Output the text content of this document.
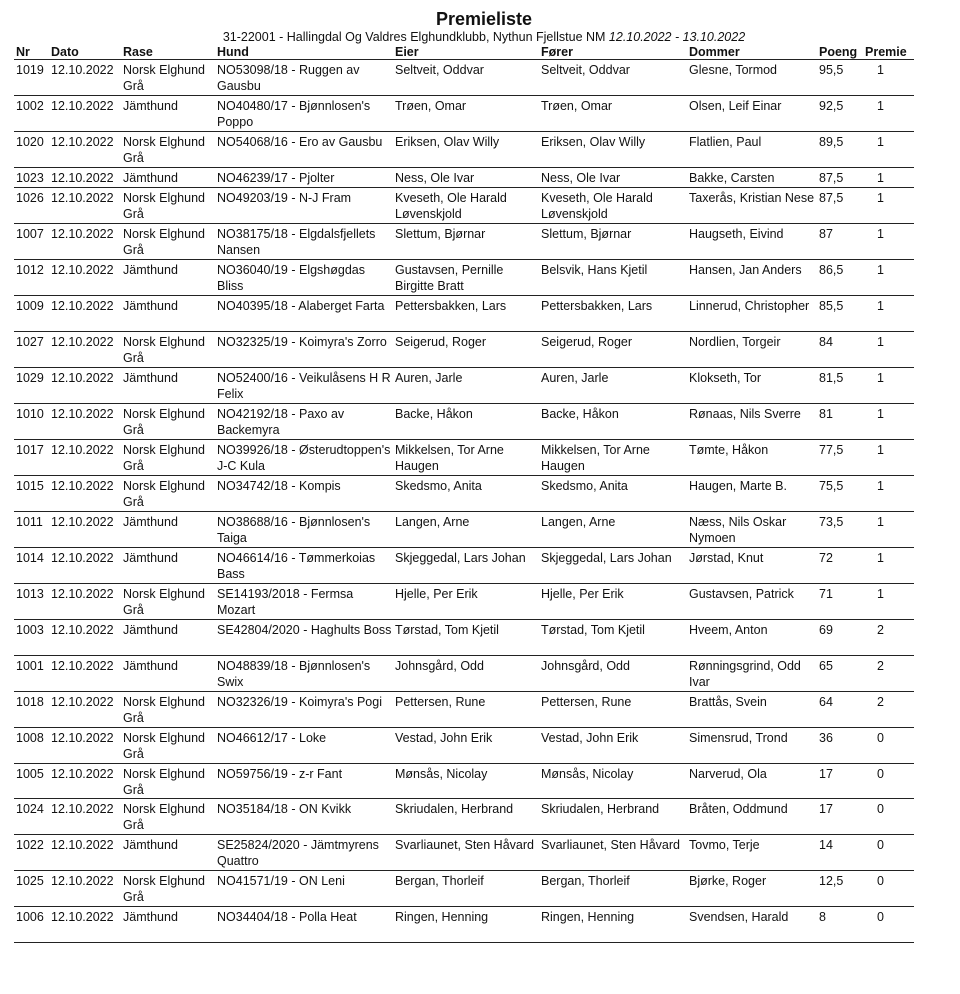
Premieliste
31-22001 - Hallingdal Og Valdres Elghundklubb, Nythun Fjellstue NM 12.10.2022 - 13.10.2022
Nr	Dato	Rase	Hund	Eier	Fører	Dommer	Poeng	Premie
1019	12.10.2022	Norsk Elghund Grå	NO53098/18 - Ruggen av Gausbu	Seltveit, Oddvar	Seltveit, Oddvar	Glesne, Tormod	95,5	1
1002	12.10.2022	Jämthund	NO40480/17 - Bjønnlosen's Poppo	Trøen, Omar	Trøen, Omar	Olsen, Leif Einar	92,5	1
1020	12.10.2022	Norsk Elghund Grå	NO54068/16 - Ero av Gausbu	Eriksen, Olav Willy	Eriksen, Olav Willy	Flatlien, Paul	89,5	1
1023	12.10.2022	Jämthund	NO46239/17 - Pjolter	Ness, Ole Ivar	Ness, Ole Ivar	Bakke, Carsten	87,5	1
1026	12.10.2022	Norsk Elghund Grå	NO49203/19 - N-J Fram	Kveseth, Ole Harald Løvenskjold	Kveseth, Ole Harald Løvenskjold	Taxerås, Kristian Nese	87,5	1
1007	12.10.2022	Norsk Elghund Grå	NO38175/18 - Elgdalsfjellets Nansen	Slettum, Bjørnar	Slettum, Bjørnar	Haugseth, Eivind	87	1
1012	12.10.2022	Jämthund	NO36040/19 - Elgshøgdas Bliss	Gustavsen, Pernille Birgitte Bratt	Belsvik, Hans Kjetil	Hansen, Jan Anders	86,5	1
1009	12.10.2022	Jämthund	NO40395/18 - Alaberget Farta	Pettersbakken, Lars	Pettersbakken, Lars	Linnerud, Christopher	85,5	1
1027	12.10.2022	Norsk Elghund Grå	NO32325/19 - Koimyra's Zorro	Seigerud, Roger	Seigerud, Roger	Nordlien, Torgeir	84	1
1029	12.10.2022	Jämthund	NO52400/16 - Veikulåsens H R Felix	Auren, Jarle	Auren, Jarle	Klokseth, Tor	81,5	1
1010	12.10.2022	Norsk Elghund Grå	NO42192/18 - Paxo av Backemyra	Backe, Håkon	Backe, Håkon	Rønaas, Nils Sverre	81	1
1017	12.10.2022	Norsk Elghund Grå	NO39926/18 - Østerudtoppen's J-C Kula	Mikkelsen, Tor Arne Haugen	Mikkelsen, Tor Arne Haugen	Tømte, Håkon	77,5	1
1015	12.10.2022	Norsk Elghund Grå	NO34742/18 - Kompis	Skedsmo, Anita	Skedsmo, Anita	Haugen, Marte B.	75,5	1
1011	12.10.2022	Jämthund	NO38688/16 - Bjønnlosen's Taiga	Langen, Arne	Langen, Arne	Næss, Nils Oskar Nymoen	73,5	1
1014	12.10.2022	Jämthund	NO46614/16 - Tømmerkoias Bass	Skjeggedal, Lars Johan	Skjeggedal, Lars Johan	Jørstad, Knut	72	1
1013	12.10.2022	Norsk Elghund Grå	SE14193/2018 - Fermsa Mozart	Hjelle, Per Erik	Hjelle, Per Erik	Gustavsen, Patrick	71	1
1003	12.10.2022	Jämthund	SE42804/2020 - Haghults Boss	Tørstad, Tom Kjetil	Tørstad, Tom Kjetil	Hveem, Anton	69	2
1001	12.10.2022	Jämthund	NO48839/18 - Bjønnlosen's Swix	Johnsgård, Odd	Johnsgård, Odd	Rønningsgrind, Odd Ivar	65	2
1018	12.10.2022	Norsk Elghund Grå	NO32326/19 - Koimyra's Pogi	Pettersen, Rune	Pettersen, Rune	Brattås, Svein	64	2
1008	12.10.2022	Norsk Elghund Grå	NO46612/17 - Loke	Vestad, John Erik	Vestad, John Erik	Simensrud, Trond	36	0
1005	12.10.2022	Norsk Elghund Grå	NO59756/19 - z-r Fant	Mønsås, Nicolay	Mønsås, Nicolay	Narverud, Ola	17	0
1024	12.10.2022	Norsk Elghund Grå	NO35184/18 - ON Kvikk	Skriudalen, Herbrand	Skriudalen, Herbrand	Bråten, Oddmund	17	0
1022	12.10.2022	Jämthund	SE25824/2020 - Jämtmyrens Quattro	Svarliaunet, Sten Håvard	Svarliaunet, Sten Håvard	Tovmo, Terje	14	0
1025	12.10.2022	Norsk Elghund Grå	NO41571/19 - ON Leni	Bergan, Thorleif	Bergan, Thorleif	Bjørke, Roger	12,5	0
1006	12.10.2022	Jämthund	NO34404/18 - Polla Heat	Ringen, Henning	Ringen, Henning	Svendsen, Harald	8	0
